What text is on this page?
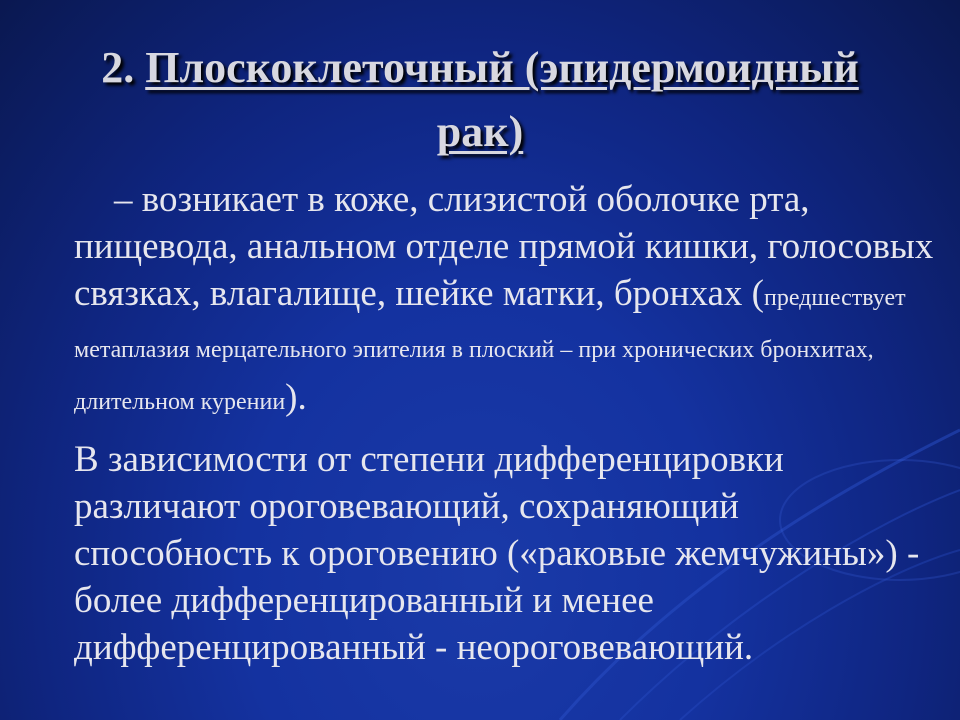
2. Плоскоклеточный (эпидермоидный
рак)

– возникает в коже, слизистой оболочке рта, пищевода, анальном отделе прямой кишки, голосовых связках, влагалище, шейке матки, бронхах (предшествует метаплазия мерцательного эпителия в плоский – при хронических бронхитах, длительном курении).

В зависимости от степени дифференцировки различают ороговевающий, сохраняющий способность к ороговению («раковые жемчужины») - более дифференцированный и менее дифференцированный - неороговевающий.
